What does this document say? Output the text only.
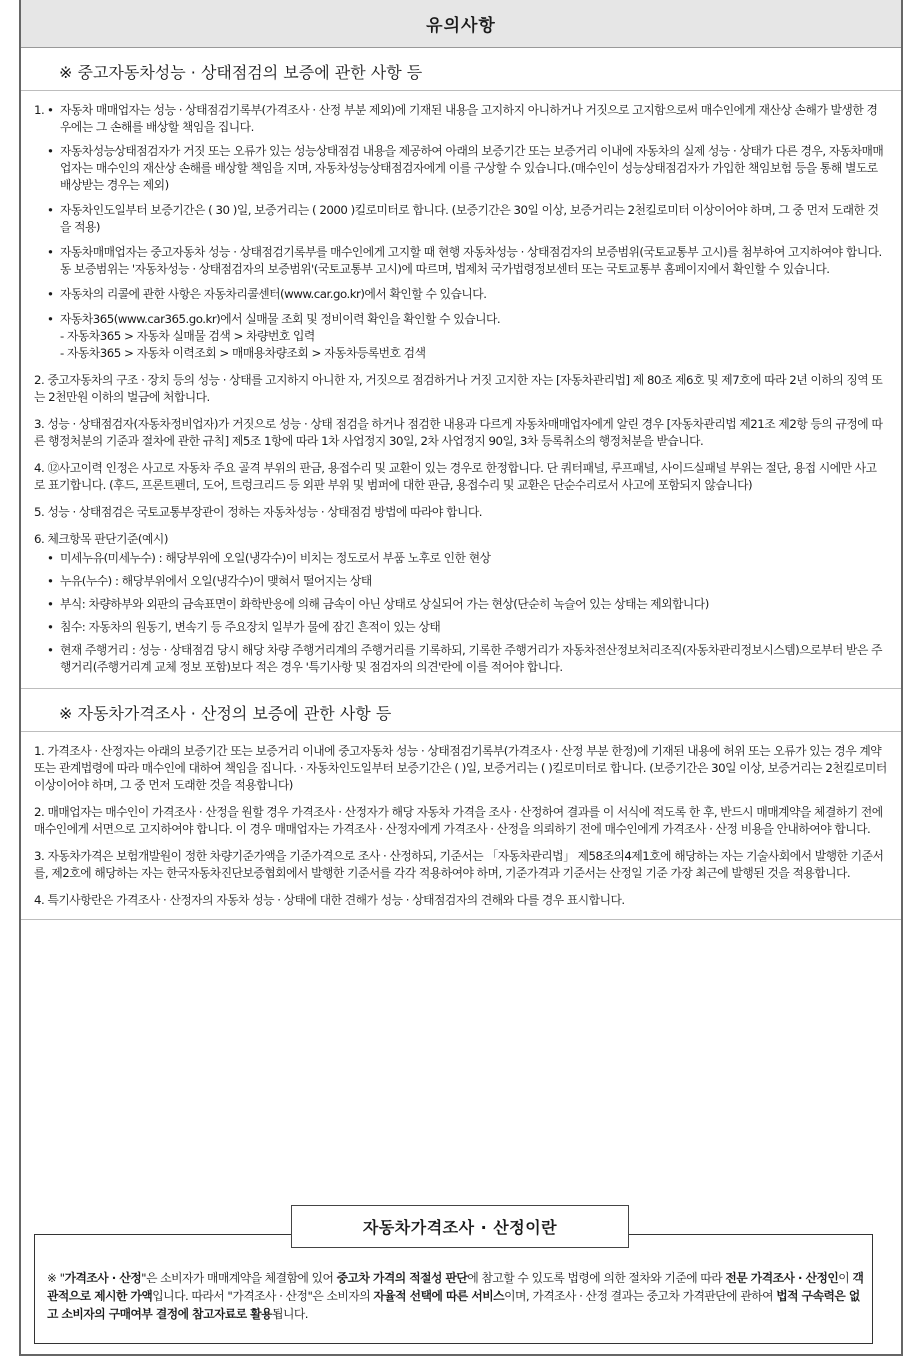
유의사항
※ 중고자동차성능 · 상태점검의 보증에 관한 사항 등
1. • 자동차 매매업자는 성능 · 상태점검기록부(가격조사 · 산정 부분 제외)에 기재된 내용을 고지하지 아니하거나 거짓으로 고지함으로써 매수인에게 재산상 손해가 발생한 경우에는 그 손해를 배상할 책임을 집니다.
• 자동차성능상태점검자가 거짓 또는 오류가 있는 성능상태점검 내용을 제공하여 아래의 보증기간 또는 보증거리 이내에 자동차의 실제 성능 · 상태가 다른 경우, 자동차매매업자는 매수인의 재산상 손해를 배상할 책임을 지며, 자동차성능상태점검자에게 이를 구상할 수 있습니다.(매수인이 성능상태점검자가 가입한 책임보험 등을 통해 별도로 배상받는 경우는 제외)
• 자동차인도일부터 보증기간은 ( 30 )일, 보증거리는 ( 2000 )킬로미터로 합니다. (보증기간은 30일 이상, 보증거리는 2천킬로미터 이상이어야 하며, 그 중 먼저 도래한 것을 적용)
• 자동차매매업자는 중고자동차 성능 · 상태점검기록부를 매수인에게 고지할 때 현행 자동차성능 · 상태점검자의 보증범위(국토교통부 고시)를 첨부하여 고지하여야 합니다. 동 보증범위는 '자동차성능 · 상태점검자의 보증범위'(국토교통부 고시)에 따르며, 법제처 국가법령정보센터 또는 국토교통부 홈페이지에서 확인할 수 있습니다.
• 자동차의 리콜에 관한 사항은 자동차리콜센터(www.car.go.kr)에서 확인할 수 있습니다.
• 자동차365(www.car365.go.kr)에서 실매물 조회 및 정비이력 확인을 확인할 수 있습니다.
- 자동차365 > 자동차 실매물 검색 > 차량번호 입력
- 자동차365 > 자동차 이력조회 > 매매용차량조회 > 자동차등록번호 검색
2. 중고자동차의 구조 · 장치 등의 성능 · 상태를 고지하지 아니한 자, 거짓으로 점검하거나 거짓 고지한 자는 [자동차관리법] 제 80조 제6호 및 제7호에 따라 2년 이하의 징역 또는 2천만원 이하의 벌금에 처합니다.
3. 성능 · 상태점검자(자동차정비업자)가 거짓으로 성능 · 상태 점검을 하거나 점검한 내용과 다르게 자동차매매업자에게 알린 경우 [자동차관리법 제21조 제2항 등의 규정에 따른 행정처분의 기준과 절차에 관한 규칙] 제5조 1항에 따라 1차 사업정지 30일, 2차 사업정지 90일, 3차 등록취소의 행정처분을 받습니다.
4. ⑫사고이력 인정은 사고로 자동차 주요 골격 부위의 판금, 용접수리 및 교환이 있는 경우로 한정합니다. 단 쿼터패널, 루프패널, 사이드실패널 부위는 절단, 용접 시에만 사고로 표기합니다. (후드, 프론트펜더, 도어, 트렁크리드 등 외판 부위 및 범퍼에 대한 판금, 용접수리 및 교환은 단순수리로서 사고에 포함되지 않습니다)
5. 성능 · 상태점검은 국토교통부장관이 정하는 자동차성능 · 상태점검 방법에 따라야 합니다.
6. 체크항목 판단기준(예시)
• 미세누유(미세누수) : 해당부위에 오일(냉각수)이 비치는 정도로서 부품 노후로 인한 현상
• 누유(누수) : 해당부위에서 오일(냉각수)이 맺혀서 떨어지는 상태
• 부식: 차량하부와 외판의 금속표면이 화학반응에 의해 금속이 아닌 상태로 상실되어 가는 현상(단순히 녹슬어 있는 상태는 제외합니다)
• 침수: 자동차의 원동기, 변속기 등 주요장치 일부가 물에 잠긴 흔적이 있는 상태
• 현재 주행거리 : 성능 · 상태점검 당시 해당 차량 주행거리계의 주행거리를 기록하되, 기록한 주행거리가 자동차전산정보처리조직(자동차관리정보시스템)으로부터 받은 주행거리(주행거리계 교체 정보 포함)보다 적은 경우 '특기사항 및 점검자의 의견'란에 이를 적어야 합니다.
※ 자동차가격조사 · 산정의 보증에 관한 사항 등
1. 가격조사 · 산정자는 아래의 보증기간 또는 보증거리 이내에 중고자동차 성능 · 상태점검기록부(가격조사 · 산정 부분 한정)에 기재된 내용에 허위 또는 오류가 있는 경우 계약 또는 관계법령에 따라 매수인에 대하여 책임을 집니다. · 자동차인도일부터 보증기간은 ( )일, 보증거리는 ( )킬로미터로 합니다. (보증기간은 30일 이상, 보증거리는 2천킬로미터 이상이어야 하며, 그 중 먼저 도래한 것을 적용합니다)
2. 매매업자는 매수인이 가격조사 · 산정을 원할 경우 가격조사 · 산정자가 해당 자동차 가격을 조사 · 산정하여 결과를 이 서식에 적도록 한 후, 반드시 매매계약을 체결하기 전에 매수인에게 서면으로 고지하여야 합니다. 이 경우 매매업자는 가격조사 · 산정자에게 가격조사 · 산정을 의뢰하기 전에 매수인에게 가격조사 · 산정 비용을 안내하여야 합니다.
3. 자동차가격은 보험개발원이 정한 차량기준가액을 기준가격으로 조사 · 산정하되, 기준서는 「자동차관리법」 제58조의4제1호에 해당하는 자는 기술사회에서 발행한 기준서를, 제2호에 해당하는 자는 한국자동차진단보증협회에서 발행한 기준서를 각각 적용하여야 하며, 기준가격과 기준서는 산정일 기준 가장 최근에 발행된 것을 적용합니다.
4. 특기사항란은 가격조사 · 산정자의 자동차 성능 · 상태에 대한 견해가 성능 · 상태점검자의 견해와 다를 경우 표시합니다.
자동차가격조사 · 산정이란
※ "가격조사 · 산정"은 소비자가 매매계약을 체결함에 있어 중고차 가격의 적절성 판단에 참고할 수 있도록 법령에 의한 절차와 기준에 따라 전문 가격조사 · 산정인이 객관적으로 제시한 가액입니다. 따라서 "가격조사 · 산정"은 소비자의 자율적 선택에 따른 서비스이며, 가격조사 · 산정 결과는 중고차 가격판단에 관하여 법적 구속력은 없고 소비자의 구매여부 결정에 참고자료로 활용됩니다.
